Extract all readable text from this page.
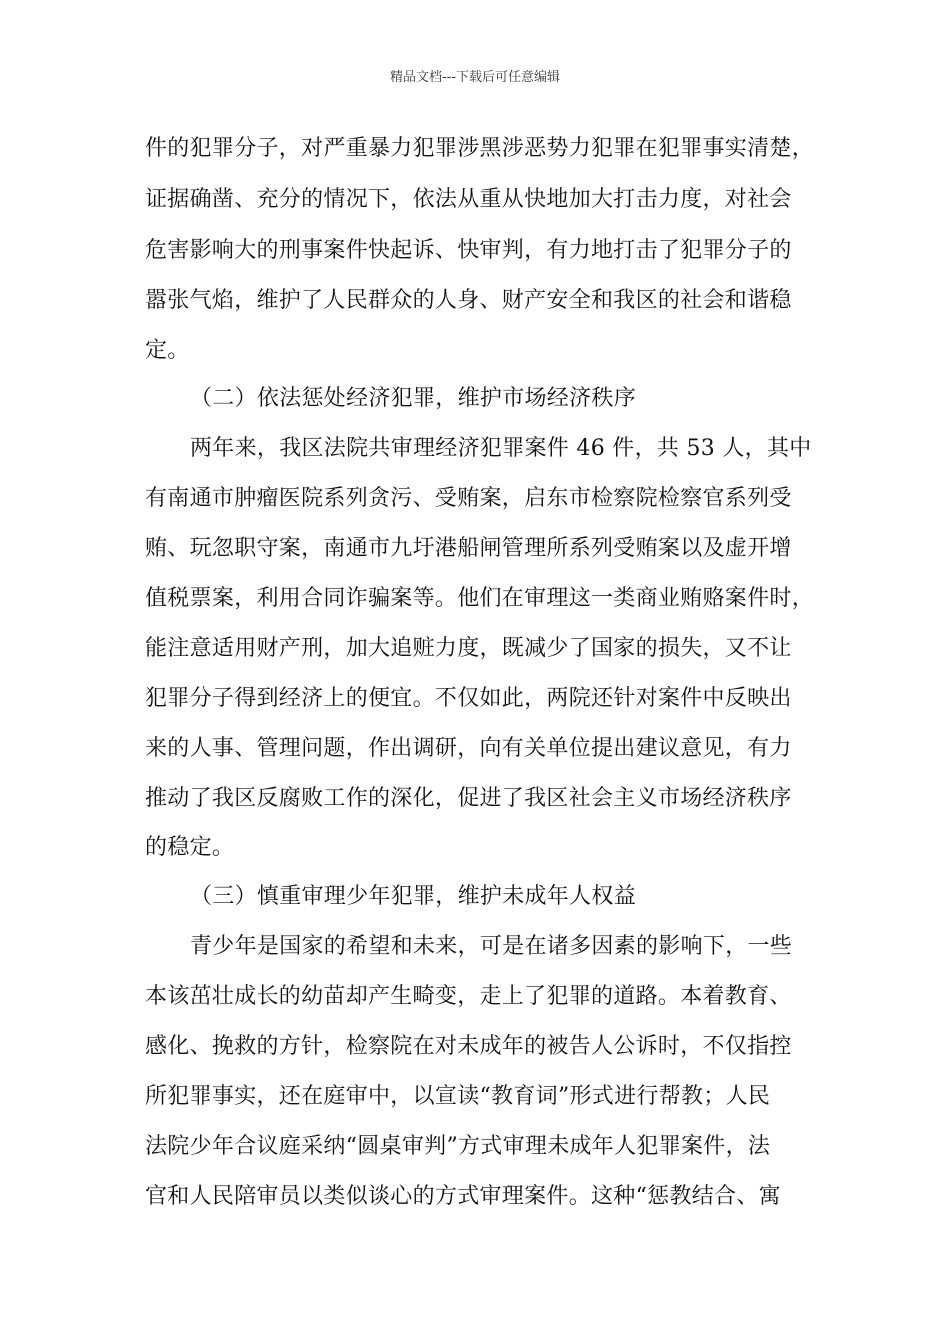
精品文档---下载后可任意编辑
件的犯罪分子，对严重暴力犯罪涉黑涉恶势力犯罪在犯罪事实清楚，
证据确凿、充分的情况下，依法从重从快地加大打击力度，对社会
危害影响大的刑事案件快起诉、快审判，有力地打击了犯罪分子的
嚣张气焰，维护了人民群众的人身、财产安全和我区的社会和谐稳
定。
（二）依法惩处经济犯罪，维护市场经济秩序
两年来，我区法院共审理经济犯罪案件 46 件，共 53 人，其中
有南通市肿瘤医院系列贪污、受贿案，启东市检察院检察官系列受
贿、玩忽职守案，南通市九圩港船闸管理所系列受贿案以及虚开增
值税票案，利用合同诈骗案等。他们在审理这一类商业贿赂案件时，
能注意适用财产刑，加大追赃力度，既减少了国家的损失，又不让
犯罪分子得到经济上的便宜。不仅如此，两院还针对案件中反映出
来的人事、管理问题，作出调研，向有关单位提出建议意见，有力
推动了我区反腐败工作的深化，促进了我区社会主义市场经济秩序
的稳定。
（三）慎重审理少年犯罪，维护未成年人权益
青少年是国家的希望和未来，可是在诸多因素的影响下，一些
本该茁壮成长的幼苗却产生畸变，走上了犯罪的道路。本着教育、
感化、挽救的方针，检察院在对未成年的被告人公诉时，不仅指控
所犯罪事实，还在庭审中，以宣读“教育词”形式进行帮教；人民
法院少年合议庭采纳“圆桌审判”方式审理未成年人犯罪案件，法
官和人民陪审员以类似谈心的方式审理案件。这种“惩教结合、寓
